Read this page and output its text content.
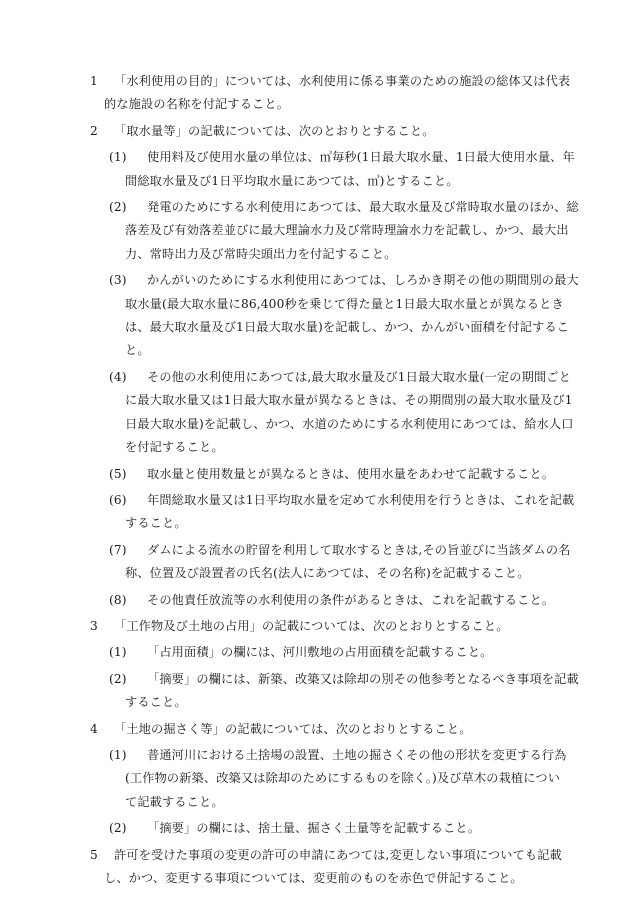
1	「水利使用の目的」については、水利使用に係る事業のための施設の総体又は代表
的な施設の名称を付記すること。
2	「取水量等」の記載については、次のとおりとすること。
(1)	使用料及び使用水量の単位は、㎥毎秒(1日最大取水量、1日最大使用水量、年
間総取水量及び1日平均取水量にあつては、㎥)とすること。
(2)	発電のためにする水利使用にあつては、最大取水量及び常時取水量のほか、総
落差及び有効落差並びに最大理論水力及び常時理論水力を記載し、かつ、最大出
力、常時出力及び常時尖頭出力を付記すること。
(3)	かんがいのためにする水利使用にあつては、しろかき期その他の期間別の最大
取水量(最大取水量に86,400秒を乗じて得た量と1日最大取水量とが異なるとき
は、最大取水量及び1日最大取水量)を記載し、かつ、かんがい面積を付記するこ
と。
(4)	その他の水利使用にあつては,最大取水量及び1日最大取水量(一定の期間ごと
に最大取水量又は1日最大取水量が異なるときは、その期間別の最大取水量及び1
日最大取水量)を記載し、かつ、水道のためにする水利使用にあつては、給水人口
を付記すること。
(5)	取水量と使用数量とが異なるときは、使用水量をあわせて記載すること。
(6)	年間総取水量又は1日平均取水量を定めて水利使用を行うときは、これを記載
すること。
(7)	ダムによる流水の貯留を利用して取水するときは,その旨並びに当該ダムの名
称、位置及び設置者の氏名(法人にあつては、その名称)を記載すること。
(8)	その他責任放流等の水利使用の条件があるときは、これを記載すること。
3	「工作物及び土地の占用」の記載については、次のとおりとすること。
(1)	「占用面積」の欄には、河川敷地の占用面積を記載すること。
(2)	「摘要」の欄には、新築、改築又は除却の別その他参考となるべき事項を記載
すること。
4	「土地の掘さく等」の記載については、次のとおりとすること。
(1)	普通河川における土捨場の設置、土地の掘さくその他の形状を変更する行為
(工作物の新築、改築又は除却のためにするものを除く。)及び草木の栽植につい
て記載すること。
(2)	「摘要」の欄には、捨土量、掘さく土量等を記載すること。
5	許可を受けた事項の変更の許可の申請にあつては,変更しない事項についても記載
し、かつ、変更する事項については、変更前のものを赤色で併記すること。
